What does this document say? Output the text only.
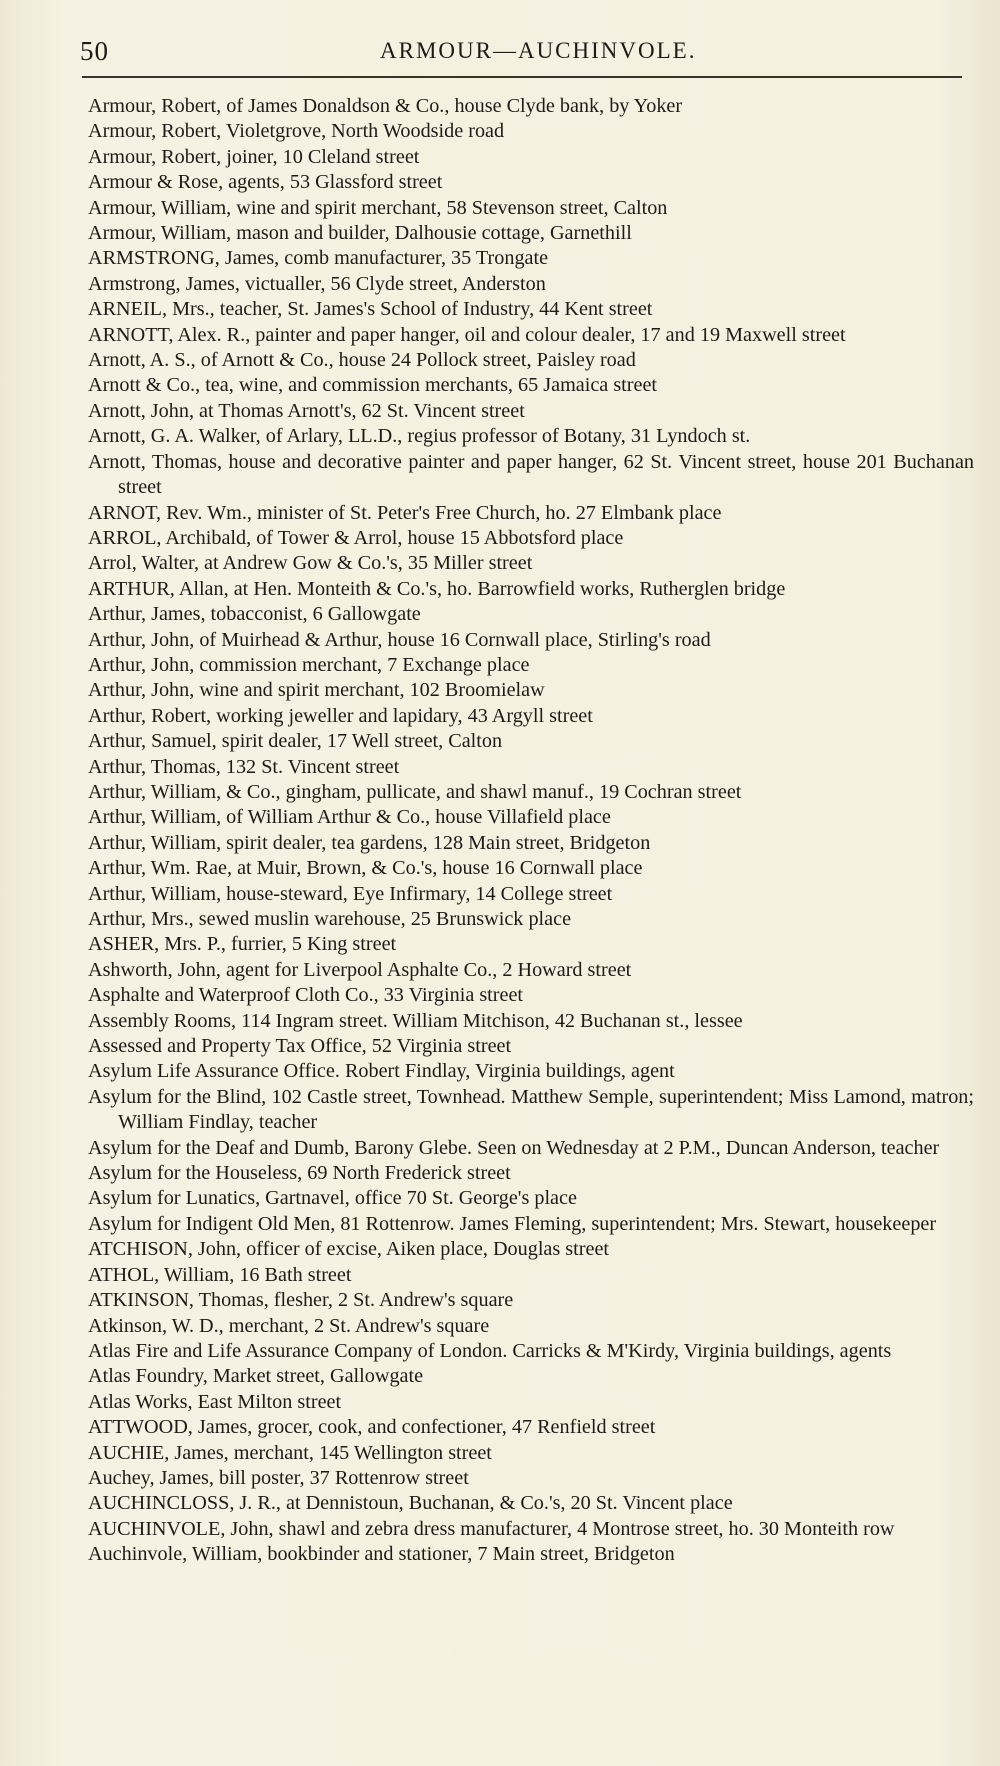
50	ARMOUR—AUCHINVOLE.

Armour, Robert, of James Donaldson & Co., house Clyde bank, by Yoker

Armour, Robert, Violetgrove, North Woodside road

Armour, Robert, joiner, 10 Cleland street

Armour & Rose, agents, 53 Glassford street

Armour, William, wine and spirit merchant, 58 Stevenson street, Calton

Armour, William, mason and builder, Dalhousie cottage, Garnethill

ARMSTRONG, James, comb manufacturer, 35 Trongate

Armstrong, James, victualler, 56 Clyde street, Anderston

ARNEIL, Mrs., teacher, St. James's School of Industry, 44 Kent street

ARNOTT, Alex. R., painter and paper hanger, oil and colour dealer, 17 and 19 Maxwell street

Arnott, A. S., of Arnott & Co., house 24 Pollock street, Paisley road

Arnott & Co., tea, wine, and commission merchants, 65 Jamaica street

Arnott, John, at Thomas Arnott's, 62 St. Vincent street

Arnott, G. A. Walker, of Arlary, LL.D., regius professor of Botany, 31 Lyndoch st.

Arnott, Thomas, house and decorative painter and paper hanger, 62 St. Vincent street, house 201 Buchanan street

ARNOT, Rev. Wm., minister of St. Peter's Free Church, ho. 27 Elmbank place

ARROL, Archibald, of Tower & Arrol, house 15 Abbotsford place

Arrol, Walter, at Andrew Gow & Co.'s, 35 Miller street

ARTHUR, Allan, at Hen. Monteith & Co.'s, ho. Barrowfield works, Rutherglen bridge

Arthur, James, tobacconist, 6 Gallowgate

Arthur, John, of Muirhead & Arthur, house 16 Cornwall place, Stirling's road

Arthur, John, commission merchant, 7 Exchange place

Arthur, John, wine and spirit merchant, 102 Broomielaw

Arthur, Robert, working jeweller and lapidary, 43 Argyll street

Arthur, Samuel, spirit dealer, 17 Well street, Calton

Arthur, Thomas, 132 St. Vincent street

Arthur, William, & Co., gingham, pullicate, and shawl manuf., 19 Cochran street

Arthur, William, of William Arthur & Co., house Villafield place

Arthur, William, spirit dealer, tea gardens, 128 Main street, Bridgeton

Arthur, Wm. Rae, at Muir, Brown, & Co.'s, house 16 Cornwall place

Arthur, William, house-steward, Eye Infirmary, 14 College street

Arthur, Mrs., sewed muslin warehouse, 25 Brunswick place

ASHER, Mrs. P., furrier, 5 King street

Ashworth, John, agent for Liverpool Asphalte Co., 2 Howard street

Asphalte and Waterproof Cloth Co., 33 Virginia street

Assembly Rooms, 114 Ingram street. William Mitchison, 42 Buchanan st., lessee

Assessed and Property Tax Office, 52 Virginia street

Asylum Life Assurance Office. Robert Findlay, Virginia buildings, agent

Asylum for the Blind, 102 Castle street, Townhead. Matthew Semple, superintendent; Miss Lamond, matron; William Findlay, teacher

Asylum for the Deaf and Dumb, Barony Glebe. Seen on Wednesday at 2 P.M., Duncan Anderson, teacher

Asylum for the Houseless, 69 North Frederick street

Asylum for Lunatics, Gartnavel, office 70 St. George's place

Asylum for Indigent Old Men, 81 Rottenrow. James Fleming, superintendent; Mrs. Stewart, housekeeper

ATCHISON, John, officer of excise, Aiken place, Douglas street

ATHOL, William, 16 Bath street

ATKINSON, Thomas, flesher, 2 St. Andrew's square

Atkinson, W. D., merchant, 2 St. Andrew's square

Atlas Fire and Life Assurance Company of London. Carricks & M'Kirdy, Virginia buildings, agents

Atlas Foundry, Market street, Gallowgate

Atlas Works, East Milton street

ATTWOOD, James, grocer, cook, and confectioner, 47 Renfield street

AUCHIE, James, merchant, 145 Wellington street

Auchey, James, bill poster, 37 Rottenrow street

AUCHINCLOSS, J. R., at Dennistoun, Buchanan, & Co.'s, 20 St. Vincent place

AUCHINVOLE, John, shawl and zebra dress manufacturer, 4 Montrose street, ho. 30 Monteith row

Auchinvole, William, bookbinder and stationer, 7 Main street, Bridgeton
